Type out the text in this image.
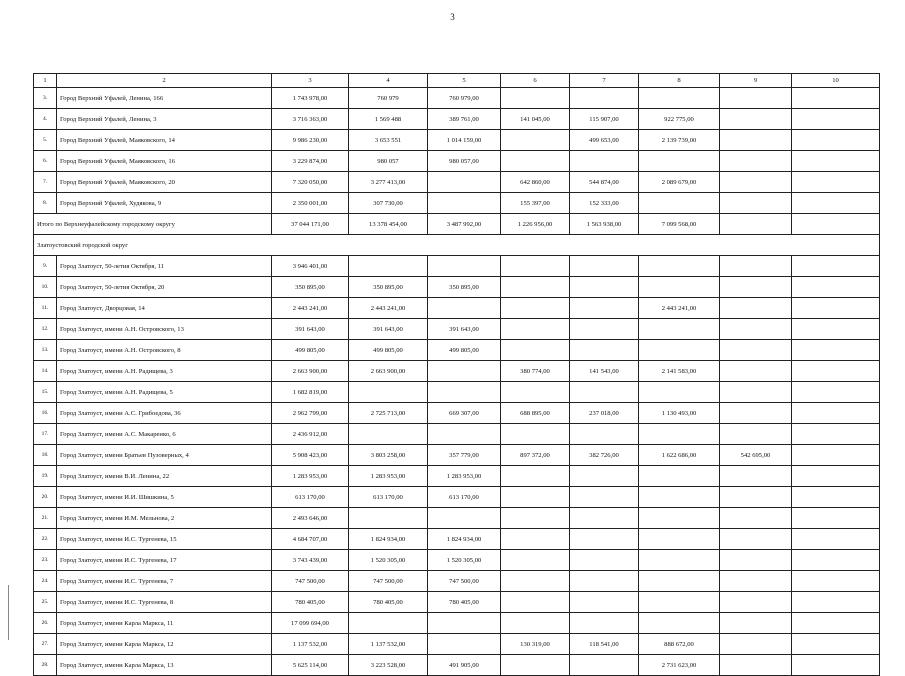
3
1	2	3	4	5	6	7	8	9	10
3.	Город Верхний Уфалей, Ленина, 166	1 743 978,00	760 979	760 979,00					
4.	Город Верхний Уфалей, Ленина, 3	3 716 363,00	1 569 488	389 761,00	141 045,00	115 907,00	922 775,00		
5.	Город Верхний Уфалей, Маяковского, 14	9 986 230,00	3 653 551	1 014 159,00		499 653,00	2 139 739,00		
6.	Город Верхний Уфалей, Маяковского, 16	3 229 874,00	980 057	980 057,00					
7.	Город Верхний Уфалей, Маяковского, 20	7 320 050,00	3 277 413,00		642 860,00	544 874,00	2 089 679,00		
8.	Город Верхний Уфалей, Худякова, 9	2 350 001,00	307 730,00		155 397,00	152 333,00			
Итого по Верхнеуфалейскому городскому округу		37 044 171,00	13 378 454,00	3 487 992,00	1 226 956,00	1 563 938,00	7 099 568,00		
Златоустовский городской округ									
9.	Город Златоуст, 50-летия Октября, 11	3 946 401,00							
10.	Город Златоуст, 50-летия Октября, 20	350 895,00	350 895,00	350 895,00					
11.	Город Златоуст, Дворцовая, 14	2 443 241,00	2 443 241,00				2 443 241,00		
12.	Город Златоуст, имени А.Н. Островского, 13	391 643,00	391 643,00	391 643,00					
13.	Город Златоуст, имени А.Н. Островского, 8	499 805,00	499 805,00	499 805,00					
14.	Город Златоуст, имени А.Н. Радищева, 3	2 663 900,00	2 663 900,00		380 774,00	141 543,00	2 141 583,00		
15.	Город Златоуст, имени А.Н. Радищева, 5	1 682 819,00							
16.	Город Златоуст, имени А.С. Грибоедова, 36	2 962 799,00	2 725 713,00	669 307,00	688 895,00	237 018,00	1 130 493,00		
17.	Город Златоуст, имени А.С. Макаренко, 6	2 436 912,00							
18.	Город Златоуст, имени Братьев Пузоверных, 4	5 908 423,00	3 803 258,00	357 779,00	897 372,00	382 726,00	1 622 686,00	542 695,00	
19.	Город Златоуст, имени В.И. Ленина, 22	1 283 953,00	1 283 953,00	1 283 953,00					
20.	Город Златоуст, имени И.И. Шишкина, 5	613 170,00	613 170,00	613 170,00					
21.	Город Златоуст, имени И.М. Мельнова, 2	2 493 646,00							
22.	Город Златоуст, имени И.С. Тургенева, 15	4 684 707,00	1 824 934,00	1 824 934,00					
23.	Город Златоуст, имени И.С. Тургенева, 17	3 743 439,00	1 520 305,00	1 520 305,00					
24.	Город Златоуст, имени И.С. Тургенева, 7	747 500,00	747 500,00	747 500,00					
25.	Город Златоуст, имени И.С. Тургенева, 8	780 405,00	780 405,00	780 405,00					
26.	Город Златоуст, имени Карла Маркса, 11	17 099 694,00							
27.	Город Златоуст, имени Карла Маркса, 12	1 137 532,00	1 137 532,00		130 319,00	118 541,00	888 672,00		
28.	Город Златоуст, имени Карла Маркса, 13	5 625 114,00	3 223 528,00	491 905,00			2 731 623,00		
